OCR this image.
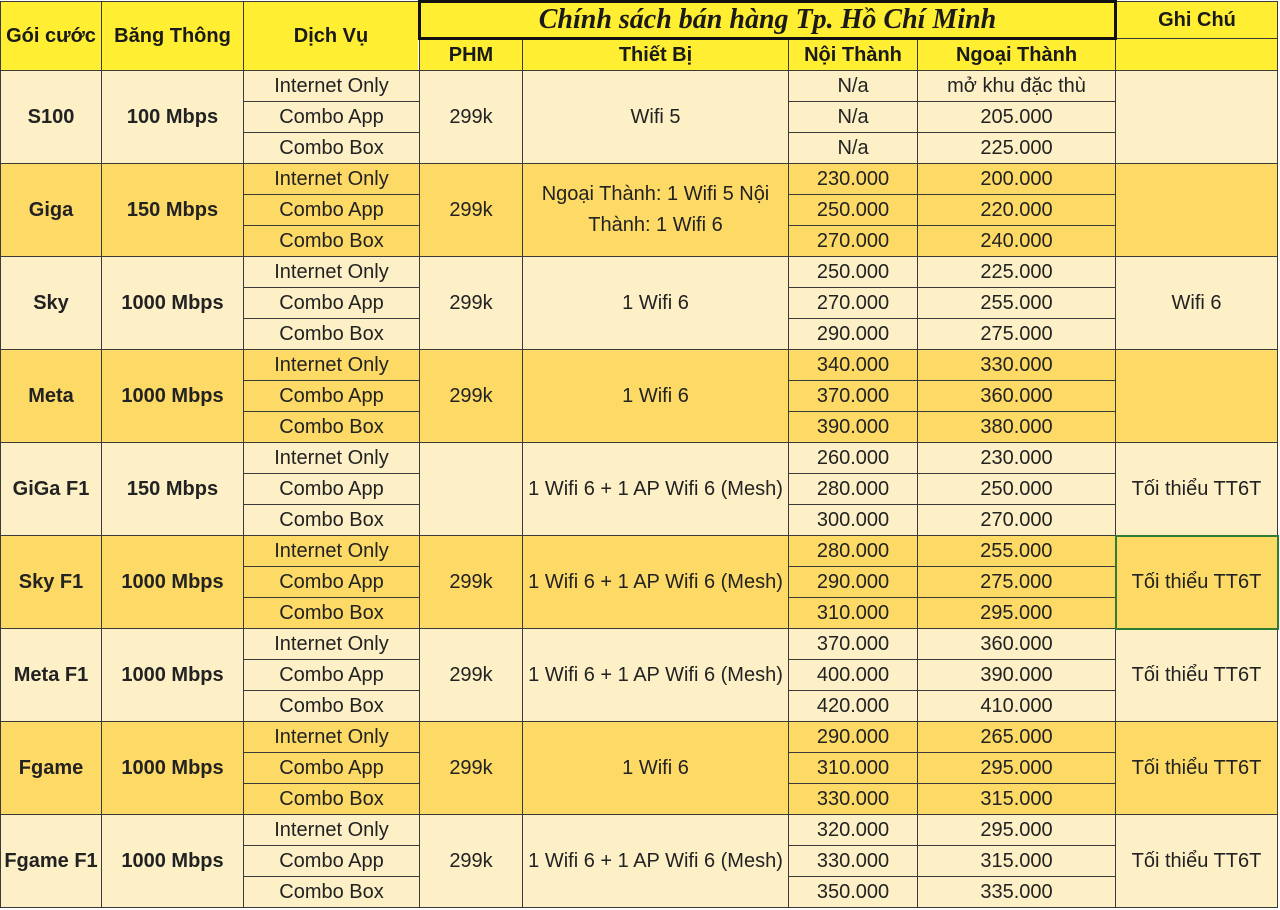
Gói cước	Băng Thông	Dịch Vụ	Chính sách bán hàng Tp. Hồ Chí Minh				Ghi Chú
			PHM	Thiết Bị	Nội Thành	Ngoại Thành	
S100	100 Mbps	Internet Only	299k	Wifi 5	N/a	mở khu đặc thù	
		Combo App			N/a	205.000	
		Combo Box			N/a	225.000	
Giga	150 Mbps	Internet Only	299k	Ngoại Thành: 1 Wifi 5 Nội Thành: 1 Wifi 6	230.000	200.000	
		Combo App			250.000	220.000	
		Combo Box			270.000	240.000	
Sky	1000 Mbps	Internet Only	299k	1 Wifi 6	250.000	225.000	Wifi 6
		Combo App			270.000	255.000	
		Combo Box			290.000	275.000	
Meta	1000 Mbps	Internet Only	299k	1 Wifi 6	340.000	330.000	
		Combo App			370.000	360.000	
		Combo Box			390.000	380.000	
GiGa F1	150 Mbps	Internet Only		1 Wifi 6 + 1 AP Wifi 6 (Mesh)	260.000	230.000	Tối thiểu TT6T
		Combo App			280.000	250.000	
		Combo Box			300.000	270.000	
Sky F1	1000 Mbps	Internet Only	299k	1 Wifi 6 + 1 AP Wifi 6 (Mesh)	280.000	255.000	Tối thiểu TT6T
		Combo App			290.000	275.000	
		Combo Box			310.000	295.000	
Meta F1	1000 Mbps	Internet Only	299k	1 Wifi 6 + 1 AP Wifi 6 (Mesh)	370.000	360.000	Tối thiểu TT6T
		Combo App			400.000	390.000	
		Combo Box			420.000	410.000	
Fgame	1000 Mbps	Internet Only	299k	1 Wifi 6	290.000	265.000	Tối thiểu TT6T
		Combo App			310.000	295.000	
		Combo Box			330.000	315.000	
Fgame F1	1000 Mbps	Internet Only	299k	1 Wifi 6 + 1 AP Wifi 6 (Mesh)	320.000	295.000	Tối thiểu TT6T
		Combo App			330.000	315.000	
		Combo Box			350.000	335.000	
